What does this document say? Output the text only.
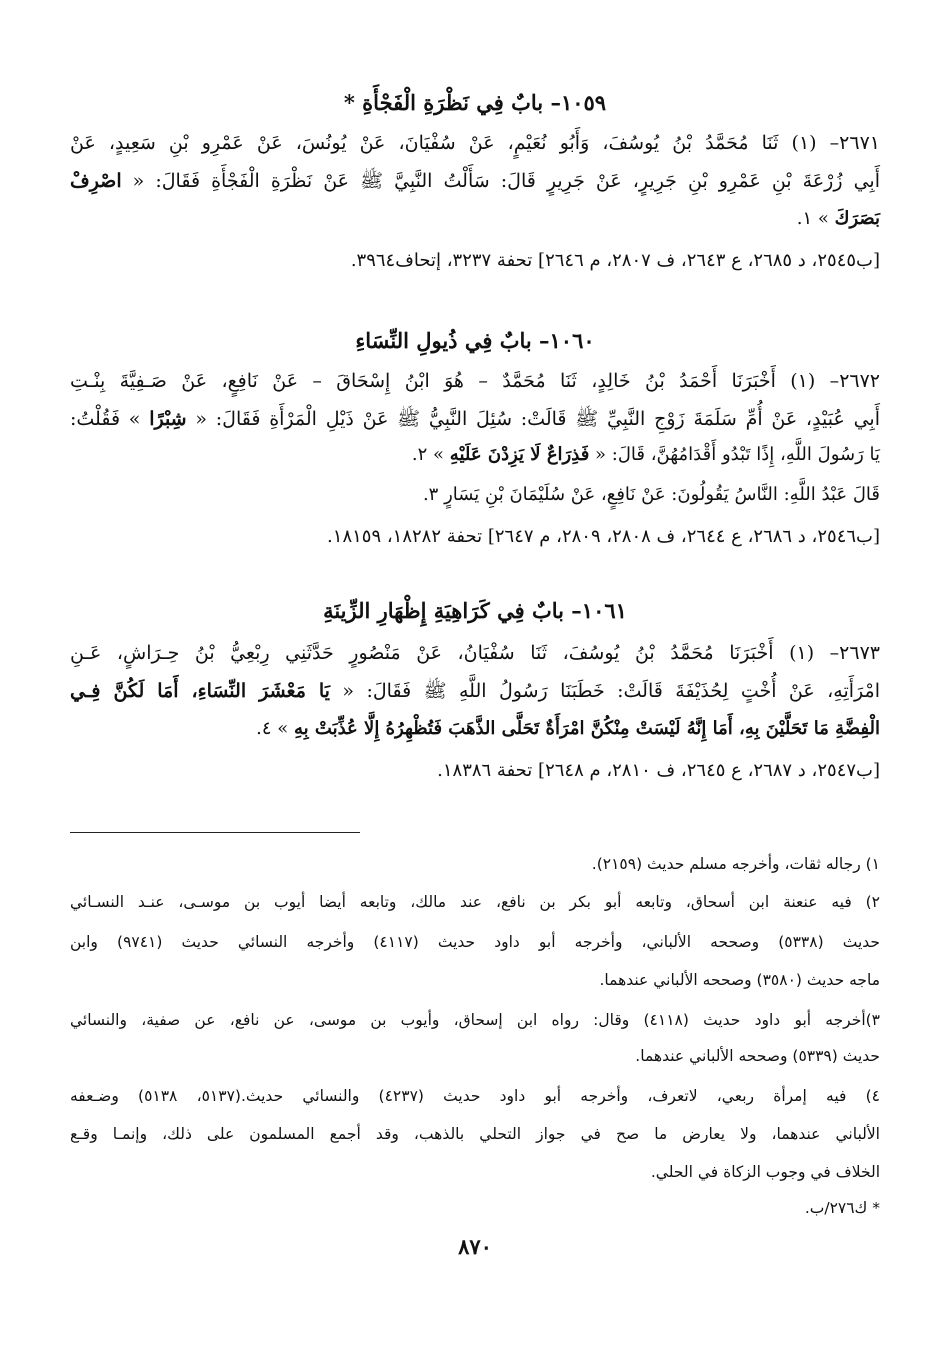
١٠٥٩– بابٌ فِي نَظْرَةِ الْفَجْأَةِ *
٢٦٧١– (١) ثَنَا مُحَمَّدُ بْنُ يُوسُفَ، وَأَبُو نُعَيْمٍ، عَنْ سُفْيَانَ، عَنْ يُونُسَ، عَنْ عَمْرِو بْنِ سَعِيدٍ، عَنْ
أَبِي زُرْعَةَ بْنِ عَمْرِو بْنِ جَرِيرٍ، عَنْ جَرِيرٍ قَالَ: سَأَلْتُ النَّبِيَّ ﷺ عَنْ نَظْرَةِ الْفَجْأَةِ فَقَالَ: « اصْرِفْ
بَصَرَكَ » ١.
[ب٢٥٤٥، د ٢٦٨٥، ع ٢٦٤٣، ف ٢٨٠٧، م ٢٦٤٦] تحفة ٣٢٣٧، إتحاف٣٩٦٤.
١٠٦٠– بابٌ فِي ذُيولِ النِّسَاءِ
٢٦٧٢– (١) أَخْبَرَنَا أَحْمَدُ بْنُ خَالِدٍ، ثَنَا مُحَمَّدٌ – هُوَ ابْنُ إِسْحَاقَ – عَنْ نَافِعٍ، عَنْ صَـفِيَّةَ بِنْـتِ
أَبِي عُبَيْدٍ، عَنْ أُمِّ سَلَمَةَ زَوْجِ النَّبِيِّ ﷺ قَالَتْ: سُئِلَ النَّبِيُّ ﷺ عَنْ ذَيْلِ الْمَرْأَةِ فَقَالَ: « شِبْرًا » فَقُلْتُ:
يَا رَسُولَ اللَّهِ، إِذًا تَبْدُو أَقْدَامُهُنَّ، قَالَ: « فَذِرَاعٌ لَا يَزِدْنَ عَلَيْهِ » ٢.
قَالَ عَبْدُ اللَّهِ: النَّاسُ يَقُولُونَ: عَنْ نَافِعٍ، عَنْ سُلَيْمَانَ بْنِ يَسَارٍ ٣.
[ب٢٥٤٦، د ٢٦٨٦، ع ٢٦٤٤، ف ٢٨٠٨، ٢٨٠٩، م ٢٦٤٧] تحفة ١٨٢٨٢، ١٨١٥٩.
١٠٦١– بابٌ فِي كَرَاهِيَةِ إِظْهَارِ الزِّينَةِ
٢٦٧٣– (١) أَخْبَرَنَا مُحَمَّدُ بْنُ يُوسُفَ، ثَنَا سُفْيَانُ، عَنْ مَنْصُورٍ حَدَّثَنِي رِبْعِيُّ بْنُ حِـرَاشٍ، عَـنِ
امْرَأَتِهِ، عَنْ أُخْتٍ لِحُذَيْفَةَ قَالَتْ: خَطَبَنَا رَسُولُ اللَّهِ ﷺ فَقَالَ: « يَا مَعْشَرَ النِّسَاءِ، أَمَا لَكُنَّ فِـي
الْفِضَّةِ مَا تَحَلَّيْنَ بِهِ، أَمَا إِنَّهُ لَيْسَتْ مِنْكُنَّ امْرَأَةٌ تَحَلَّى الذَّهَبَ فَتُظْهِرُهُ إِلَّا عُذِّبَتْ بِهِ » ٤.
[ب٢٥٤٧، د ٢٦٨٧، ع ٢٦٤٥، ف ٢٨١٠، م ٢٦٤٨] تحفة ١٨٣٨٦.
١) رجاله ثقات، وأخرجه مسلم حديث (٢١٥٩).
٢) فيه عنعنة ابن أسحاق، وتابعه أبو بكر بن نافع، عند مالك، وتابعه أيضا أيوب بن موسـى، عنـد النسـائي
حديث (٥٣٣٨) وصححه الألباني، وأخرجه أبو داود حديث (٤١١٧) وأخرجه النسائي حديث (٩٧٤١) وابن
ماجه حديث (٣٥٨٠) وصححه الألباني عندهما.
٣)أخرجه أبو داود حديث (٤١١٨) وقال: رواه ابن إسحاق، وأيوب بن موسى، عن نافع، عن صفية، والنسائي
حديث (٥٣٣٩) وصححه الألباني عندهما.
٤) فيه إمرأة ربعي، لاتعرف، وأخرجه أبو داود حديث (٤٢٣٧) والنسائي حديث.(٥١٣٧، ٥١٣٨) وضـعفه
الألباني عندهما، ولا يعارض ما صح في جواز التحلي بالذهب، وقد أجمع المسلمون على ذلك، وإنمـا وقـع
الخلاف في وجوب الزكاة في الحلي.
* ك٢٧٦/ب.
٨٧٠
